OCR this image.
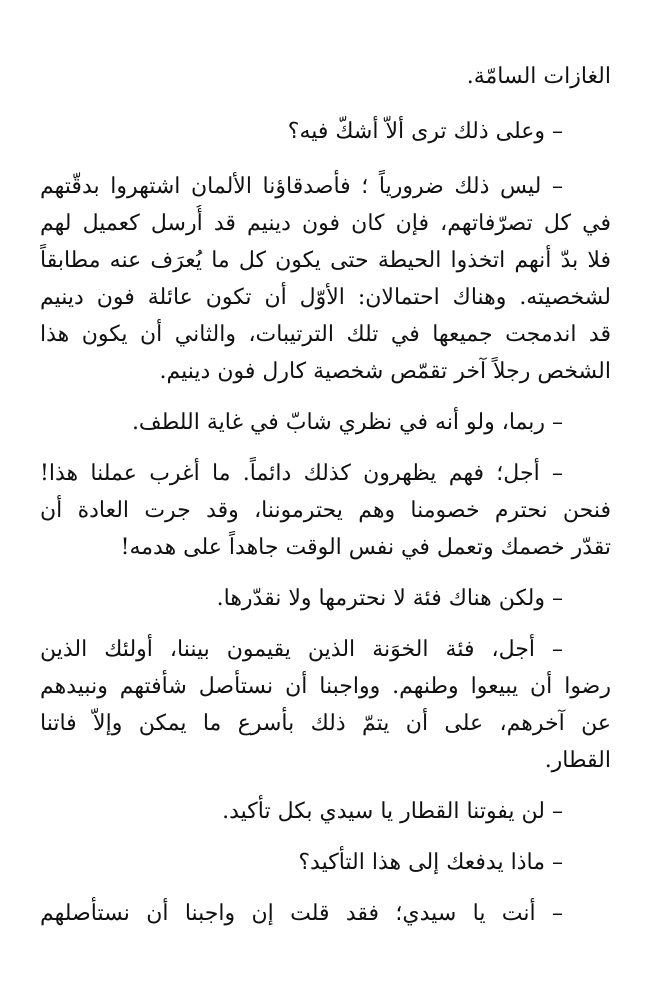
الغازات السامّة.

– وعلى ذلك ترى ألاّ أشكّ فيه؟

– ليس ذلك ضرورياً ؛ فأصدقاؤنا الألمان اشتهروا بدقّتهم
في كل تصرّفاتهم، فإن كان فون دينيم قد أُرسل كعميل لهم
فلا بدّ أنهم اتخذوا الحيطة حتى يكون كل ما يُعرَف عنه مطابقاً
لشخصيته. وهناك احتمالان: الأوّل أن تكون عائلة فون دينيم
قد اندمجت جميعها في تلك الترتيبات، والثاني أن يكون هذا
الشخص رجلاً آخر تقمّص شخصية كارل فون دينيم.

– ربما، ولو أنه في نظري شابّ في غاية اللطف.

– أجل؛ فهم يظهرون كذلك دائماً. ما أغرب عملنا هذا!
فنحن نحترم خصومنا وهم يحترموننا، وقد جرت العادة أن
تقدّر خصمك وتعمل في نفس الوقت جاهداً على هدمه!

– ولكن هناك فئة لا نحترمها ولا نقدّرها.

– أجل، فئة الخوَنة الذين يقيمون بيننا، أولئك الذين
رضوا أن يبيعوا وطنهم. وواجبنا أن نستأصل شأفتهم ونبيدهم
عن آخرهم، على أن يتمّ ذلك بأسرع ما يمكن وإلاّ فاتنا
القطار.

– لن يفوتنا القطار يا سيدي بكل تأكيد.

– ماذا يدفعك إلى هذا التأكيد؟

– أنت يا سيدي؛ فقد قلت إن واجبنا أن نستأصلهم
